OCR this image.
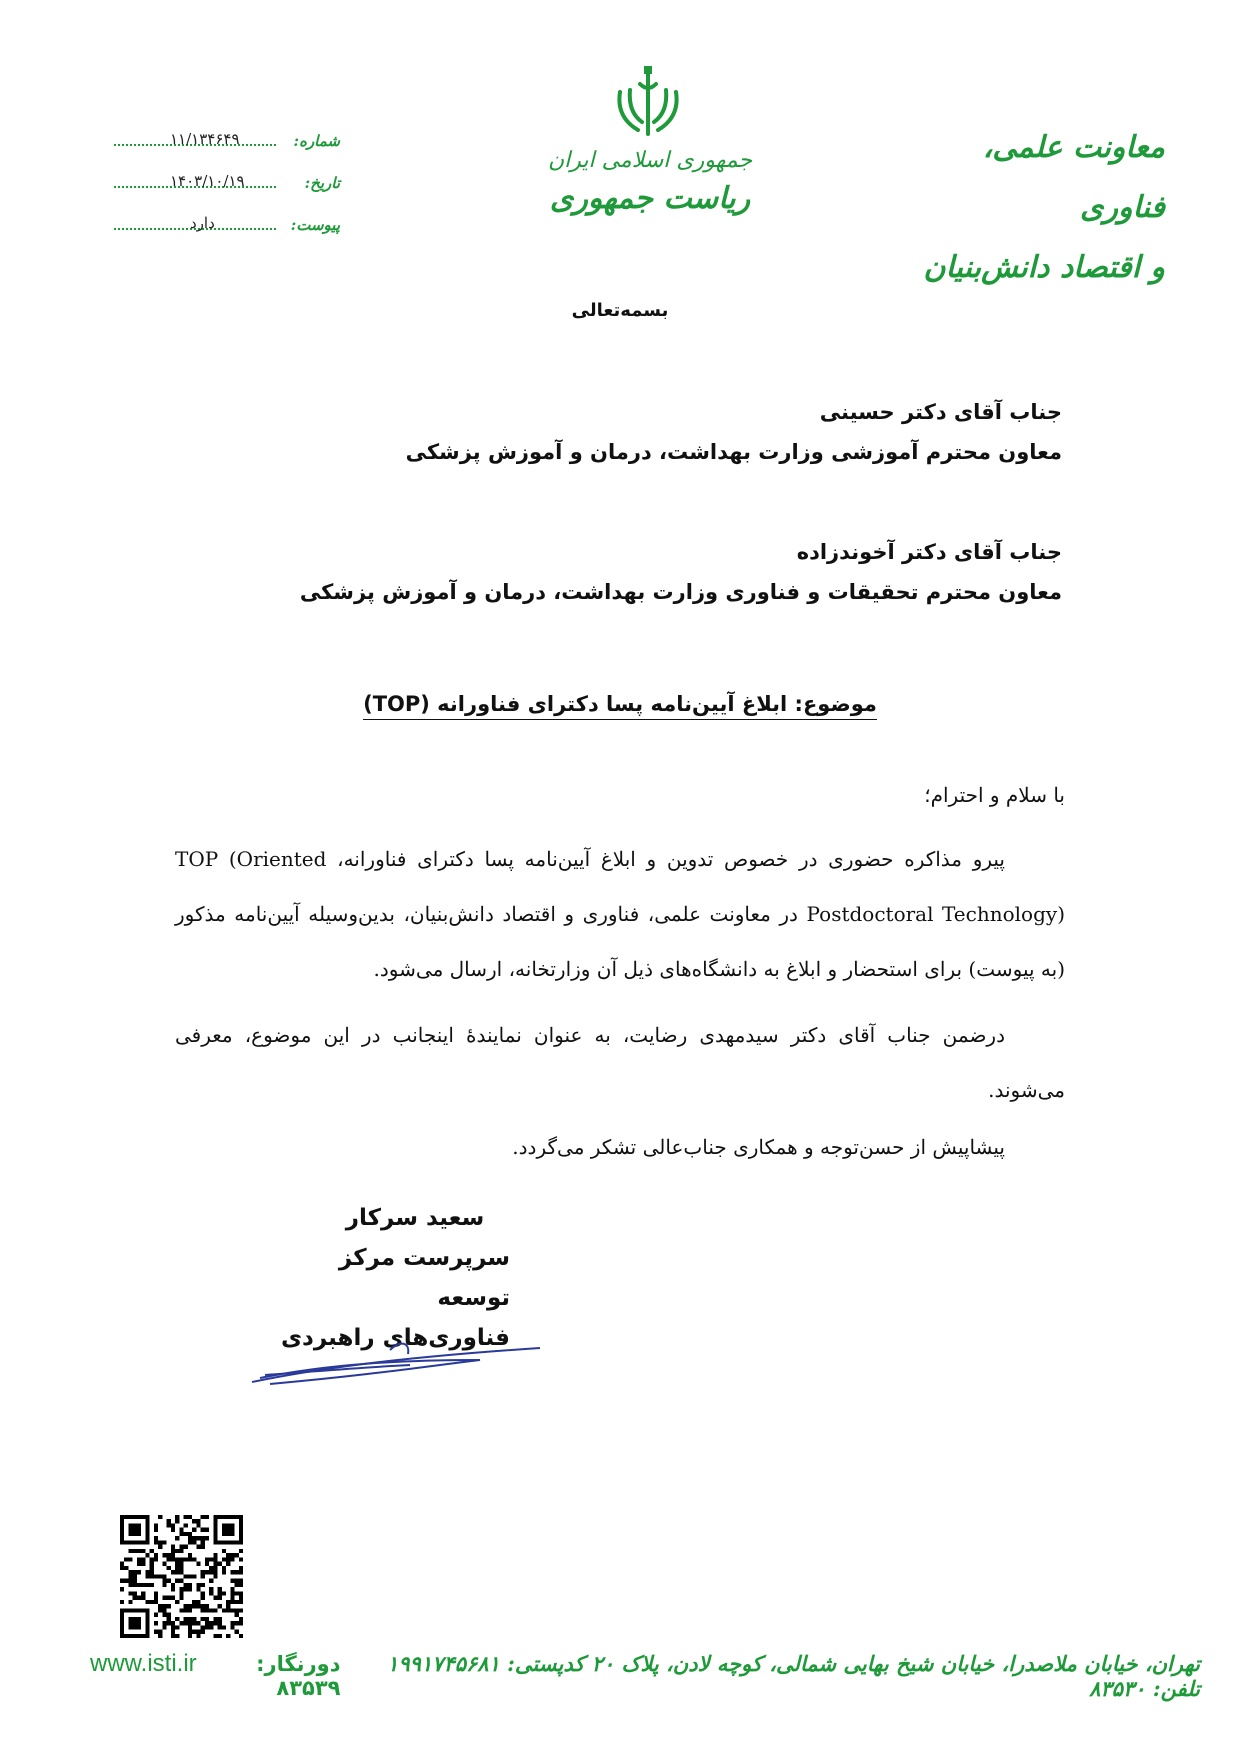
شماره:
۱۱/۱۳۴۶۴۹
تاریخ:
۱۴۰۳/۱۰/۱۹
پیوست:
دارد
جمهوری اسلامی ایران
ریاست جمهوری
معاونت علمی، فناوری
و اقتصاد دانش‌بنیان
بسمه‌تعالی
جناب آقای دکتر حسینی
معاون محترم آموزشی وزارت بهداشت، درمان و آموزش پزشکی
جناب آقای دکتر آخوندزاده
معاون محترم تحقیقات و فناوری وزارت بهداشت، درمان و آموزش پزشکی
موضوع: ابلاغ آیین‌نامه پسا دکترای فناورانه (TOP)
با سلام و احترام؛
پیرو مذاکره حضوری در خصوص تدوین و ابلاغ آیین‌نامه پسا دکترای فناورانه، TOP (Oriented Postdoctoral Technology) در معاونت علمی، فناوری و اقتصاد دانش‌بنیان، بدین‌وسیله آیین‌نامه مذکور (به پیوست) برای استحضار و ابلاغ به دانشگاه‌های ذیل آن وزارتخانه، ارسال می‌شود.
درضمن جناب آقای دکتر سیدمهدی رضایت، به عنوان نمایندۀ اینجانب در این موضوع، معرفی می‌شوند.
پیشاپیش از حسن‌توجه و همکاری جناب‌عالی تشکر می‌گردد.
سعید سرکار
سرپرست مرکز توسعه
فناوری‌های راهبردی
www.isti.ir	دورنگار: ۸۳۵۳۹
تهران، خیابان ملاصدرا، خیابان شیخ بهایی شمالی، کوچه لادن، پلاک ۲۰ کدپستی: ۱۹۹۱۷۴۵۶۸۱ تلفن: ۸۳۵۳۰
